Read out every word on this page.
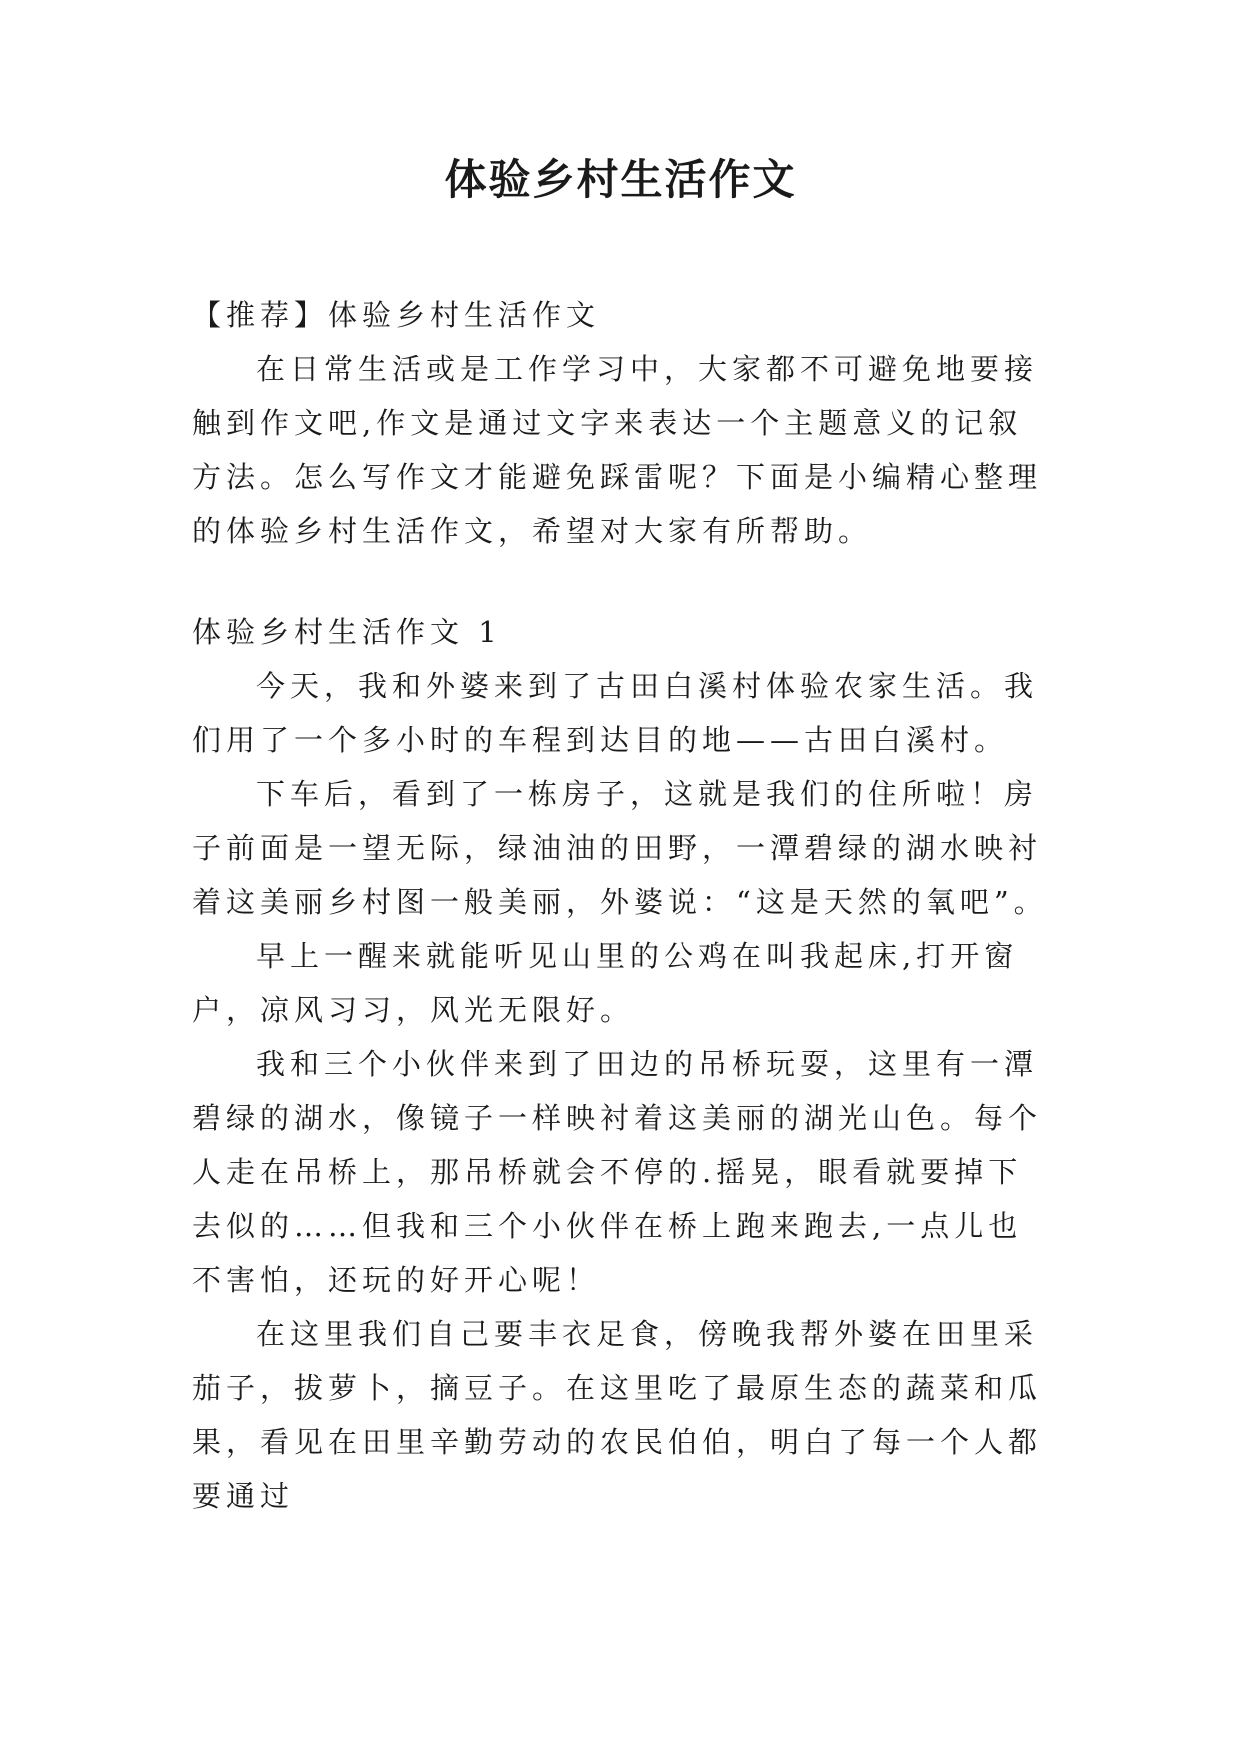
体验乡村生活作文

【推荐】体验乡村生活作文

在日常生活或是工作学习中，大家都不可避免地要接触到作文吧,作文是通过文字来表达一个主题意义的记叙方法。怎么写作文才能避免踩雷呢？下面是小编精心整理的体验乡村生活作文，希望对大家有所帮助。

体验乡村生活作文 1

今天，我和外婆来到了古田白溪村体验农家生活。我们用了一个多小时的车程到达目的地——古田白溪村。

下车后，看到了一栋房子，这就是我们的住所啦！房子前面是一望无际，绿油油的田野，一潭碧绿的湖水映衬着这美丽乡村图一般美丽，外婆说：“这是天然的氧吧”。

早上一醒来就能听见山里的公鸡在叫我起床,打开窗户，凉风习习，风光无限好。

我和三个小伙伴来到了田边的吊桥玩耍，这里有一潭碧绿的湖水，像镜子一样映衬着这美丽的湖光山色。每个人走在吊桥上，那吊桥就会不停的.摇晃，眼看就要掉下去似的……但我和三个小伙伴在桥上跑来跑去,一点儿也不害怕，还玩的好开心呢！

在这里我们自己要丰衣足食，傍晚我帮外婆在田里采茄子，拔萝卜，摘豆子。在这里吃了最原生态的蔬菜和瓜果，看见在田里辛勤劳动的农民伯伯，明白了每一个人都要通过
